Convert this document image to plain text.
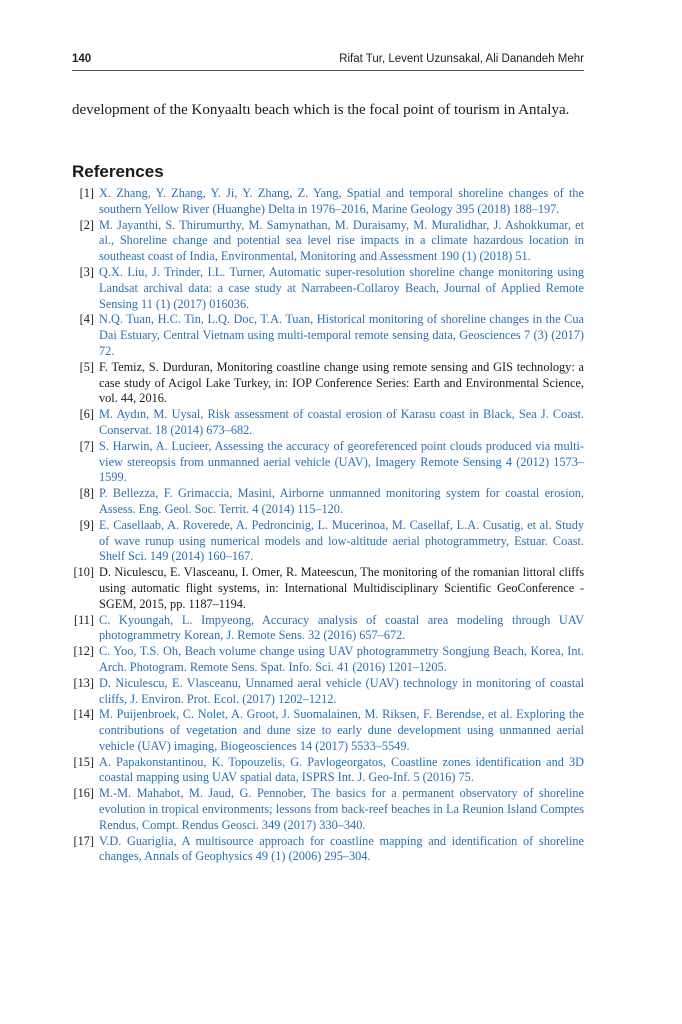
140	Rifat Tur, Levent Uzunsakal, Ali Danandeh Mehr
development of the Konyaaltı beach which is the focal point of tourism in Antalya.
References
[1] X. Zhang, Y. Zhang, Y. Ji, Y. Zhang, Z. Yang, Spatial and temporal shoreline changes of the southern Yellow River (Huanghe) Delta in 1976–2016, Marine Geology 395 (2018) 188–197.
[2] M. Jayanthi, S. Thirumurthy, M. Samynathan, M. Duraisamy, M. Muralidhar, J. Ashokkumar, et al., Shoreline change and potential sea level rise impacts in a climate hazardous location in southeast coast of India, Environmental, Monitoring and Assessment 190 (1) (2018) 51.
[3] Q.X. Liu, J. Trinder, I.L. Turner, Automatic super-resolution shoreline change monitoring using Landsat archival data: a case study at Narrabeen-Collaroy Beach, Journal of Applied Remote Sensing 11 (1) (2017) 016036.
[4] N.Q. Tuan, H.C. Tin, L.Q. Doc, T.A. Tuan, Historical monitoring of shoreline changes in the Cua Dai Estuary, Central Vietnam using multi-temporal remote sensing data, Geosciences 7 (3) (2017) 72.
[5] F. Temiz, S. Durduran, Monitoring coastline change using remote sensing and GIS technology: a case study of Acigol Lake Turkey, in: IOP Conference Series: Earth and Environmental Science, vol. 44, 2016.
[6] M. Aydın, M. Uysal, Risk assessment of coastal erosion of Karasu coast in Black, Sea J. Coast. Conservat. 18 (2014) 673–682.
[7] S. Harwin, A. Lucieer, Assessing the accuracy of georeferenced point clouds produced via multi-view stereopsis from unmanned aerial vehicle (UAV), Imagery Remote Sensing 4 (2012) 1573–1599.
[8] P. Bellezza, F. Grimaccia, Masini, Airborne unmanned monitoring system for coastal erosion, Assess. Eng. Geol. Soc. Territ. 4 (2014) 115–120.
[9] E. Casellaab, A. Roverede, A. Pedroncinig, L. Mucerinoa, M. Casellaf, L.A. Cusatig, et al. Study of wave runup using numerical models and low-altitude aerial photogrammetry, Estuar. Coast. Shelf Sci. 149 (2014) 160–167.
[10] D. Niculescu, E. Vlasceanu, I. Omer, R. Mateescun, The monitoring of the romanian littoral cliffs using automatic flight systems, in: International Multidisciplinary Scientific GeoConference - SGEM, 2015, pp. 1187–1194.
[11] C. Kyoungah, L. Impyeong, Accuracy analysis of coastal area modeling through UAV photogrammetry Korean, J. Remote Sens. 32 (2016) 657–672.
[12] C. Yoo, T.S. Oh, Beach volume change using UAV photogrammetry Songjung Beach, Korea, Int. Arch. Photogram. Remote Sens. Spat. Info. Sci. 41 (2016) 1201–1205.
[13] D. Niculescu, E. Vlasceanu, Unnamed aeral vehicle (UAV) technology in monitoring of coastal cliffs, J. Environ. Prot. Ecol. (2017) 1202–1212.
[14] M. Puijenbroek, C. Nolet, A. Groot, J. Suomalainen, M. Riksen, F. Berendse, et al. Exploring the contributions of vegetation and dune size to early dune development using unmanned aerial vehicle (UAV) imaging, Biogeosciences 14 (2017) 5533–5549.
[15] A. Papakonstantinou, K. Topouzelis, G. Pavlogeorgatos, Coastline zones identification and 3D coastal mapping using UAV spatial data, ISPRS Int. J. Geo-Inf. 5 (2016) 75.
[16] M.-M. Mahabot, M. Jaud, G. Pennober, The basics for a permanent observatory of shoreline evolution in tropical environments; lessons from back-reef beaches in La Reunion Island Comptes Rendus, Compt. Rendus Geosci. 349 (2017) 330–340.
[17] V.D. Guariglia, A multisource approach for coastline mapping and identification of shoreline changes, Annals of Geophysics 49 (1) (2006) 295–304.
